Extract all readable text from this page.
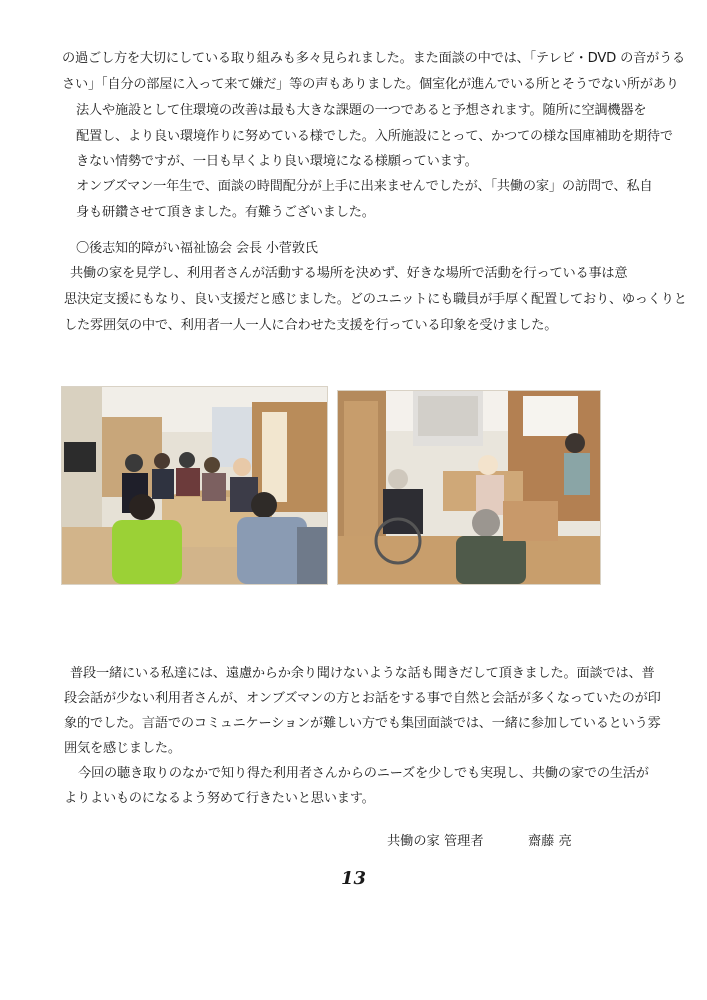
の過ごし方を大切にしている取り組みも多々見られました。また面談の中では、「テレビ・DVD の音がうる
さい」「自分の部屋に入って来て嫌だ」等の声もありました。個室化が進んでいる所とそうでない所があり
法人や施設として住環境の改善は最も大きな課題の一つであると予想されます。随所に空調機器を
配置し、より良い環境作りに努めている様でした。入所施設にとって、かつての様な国庫補助を期待で
きない情勢ですが、一日も早くより良い環境になる様願っています。
オンブズマン一年生で、面談の時間配分が上手に出来ませんでしたが、「共働の家」の訪問で、私自
身も研鑽させて頂きました。有難うございました。
〇後志知的障がい福祉協会 会長 小菅敦氏
共働の家を見学し、利用者さんが活動する場所を決めず、好きな場所で活動を行っている事は意
思決定支援にもなり、良い支援だと感じました。どのユニットにも職員が手厚く配置しており、ゆっくりと
した雰囲気の中で、利用者一人一人に合わせた支援を行っている印象を受けました。
普段一緒にいる私達には、遠慮からか余り聞けないような話も聞きだして頂きました。面談では、普
段会話が少ない利用者さんが、オンブズマンの方とお話をする事で自然と会話が多くなっていたのが印
象的でした。言語でのコミュニケーションが難しい方でも集団面談では、一緒に参加しているという雰
囲気を感じました。
今回の聴き取りのなかで知り得た利用者さんからのニーズを少しでも実現し、共働の家での生活が
よりよいものになるよう努めて行きたいと思います。
共働の家 管理者	齋藤 亮
13
